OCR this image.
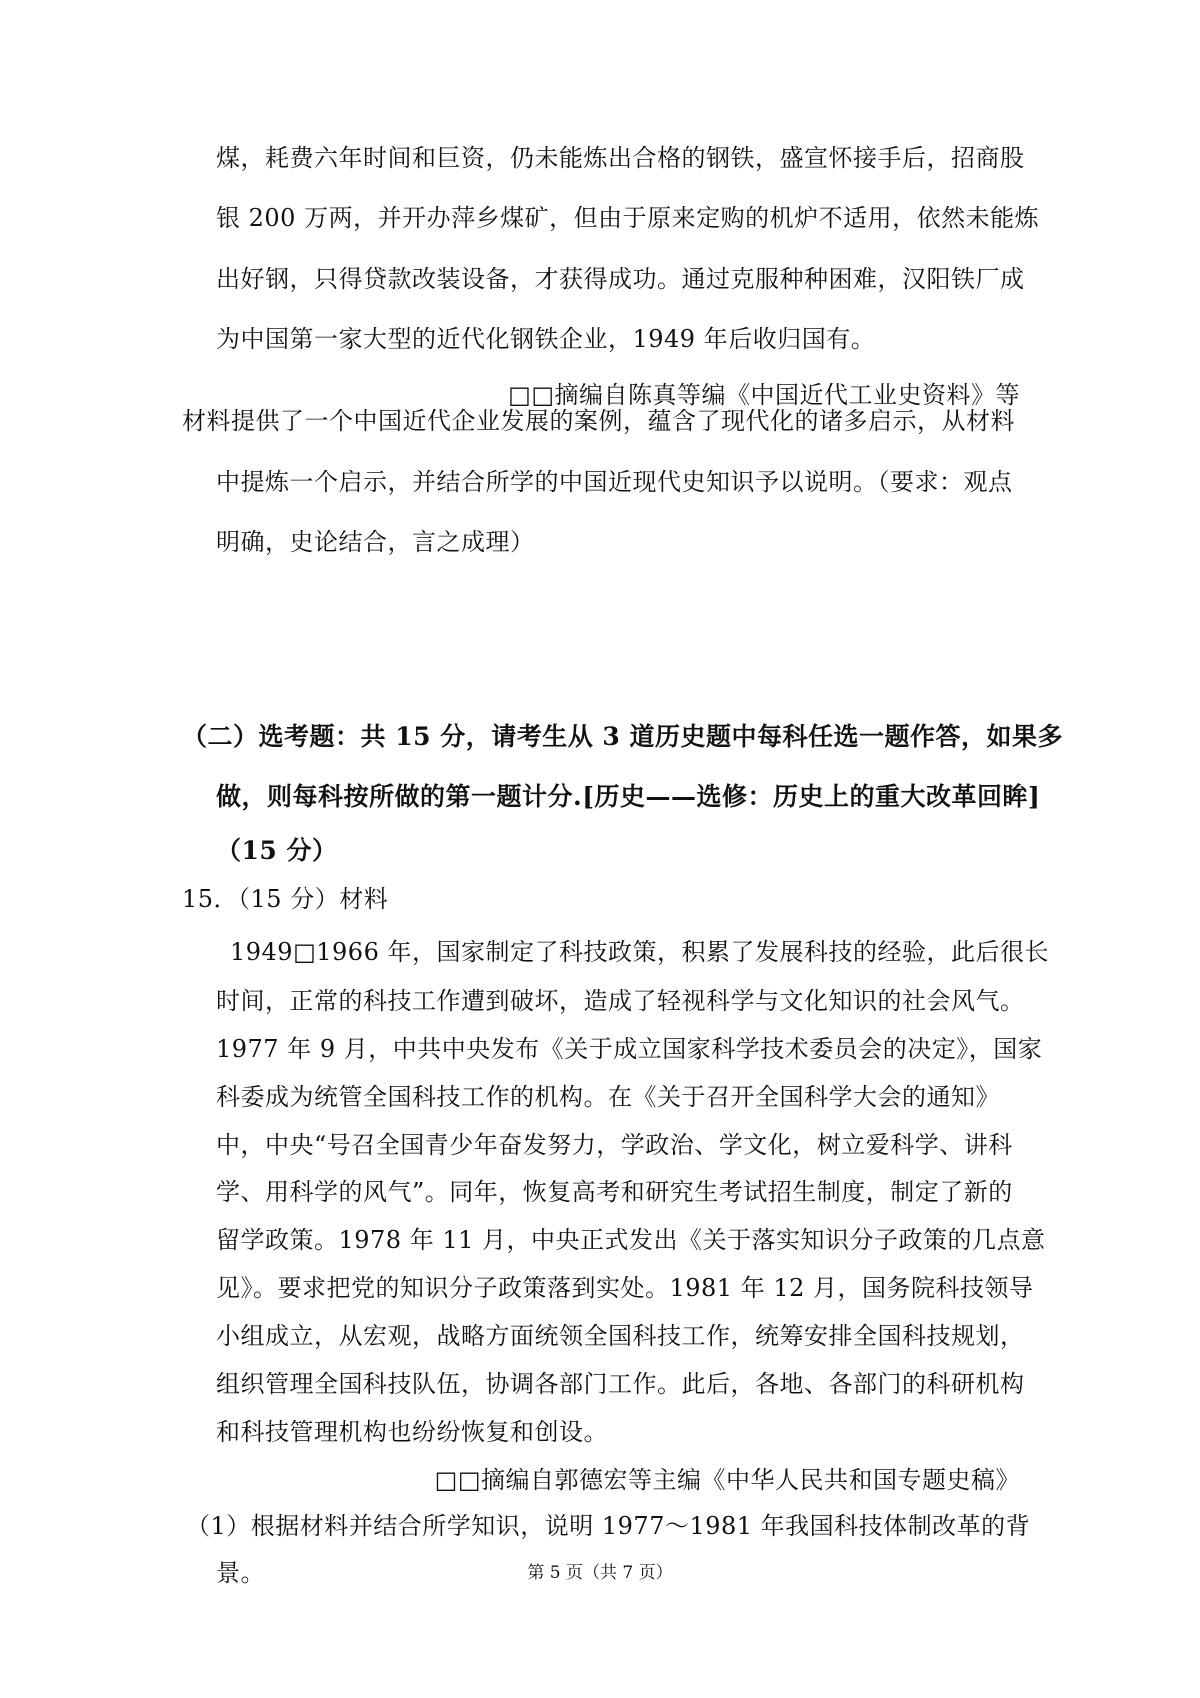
煤，耗费六年时间和巨资，仍未能炼出合格的钢铁，盛宣怀接手后，招商股
银 200 万两，并开办萍乡煤矿，但由于原来定购的机炉不适用，依然未能炼
出好钢，只得贷款改装设备，才获得成功。通过克服种种困难，汉阳铁厂成
为中国第一家大型的近代化钢铁企业，1949 年后收归国有。
□□摘编自陈真等编《中国近代工业史资料》等
材料提供了一个中国近代企业发展的案例，蕴含了现代化的诸多启示，从材料
中提炼一个启示，并结合所学的中国近现代史知识予以说明。（要求：观点
明确，史论结合，言之成理）
（二）选考题：共 15 分，请考生从 3 道历史题中每科任选一题作答，如果多
做，则每科按所做的第一题计分.[历史——选修：历史上的重大改革回眸]
（15 分）
15．（15 分）材料
1949□1966 年，国家制定了科技政策，积累了发展科技的经验，此后很长
时间，正常的科技工作遭到破坏，造成了轻视科学与文化知识的社会风气。
1977 年 9 月，中共中央发布《关于成立国家科学技术委员会的决定》，国家
科委成为统管全国科技工作的机构。在《关于召开全国科学大会的通知》
中，中央“号召全国青少年奋发努力，学政治、学文化，树立爱科学、讲科
学、用科学的风气”。同年，恢复高考和研究生考试招生制度，制定了新的
留学政策。1978 年 11 月，中央正式发出《关于落实知识分子政策的几点意
见》。要求把党的知识分子政策落到实处。1981 年 12 月，国务院科技领导
小组成立，从宏观，战略方面统领全国科技工作，统筹安排全国科技规划，
组织管理全国科技队伍，协调各部门工作。此后，各地、各部门的科研机构
和科技管理机构也纷纷恢复和创设。
□□摘编自郭德宏等主编《中华人民共和国专题史稿》
（1）根据材料并结合所学知识，说明 1977～1981 年我国科技体制改革的背
景。	第 5 页（共 7 页）
